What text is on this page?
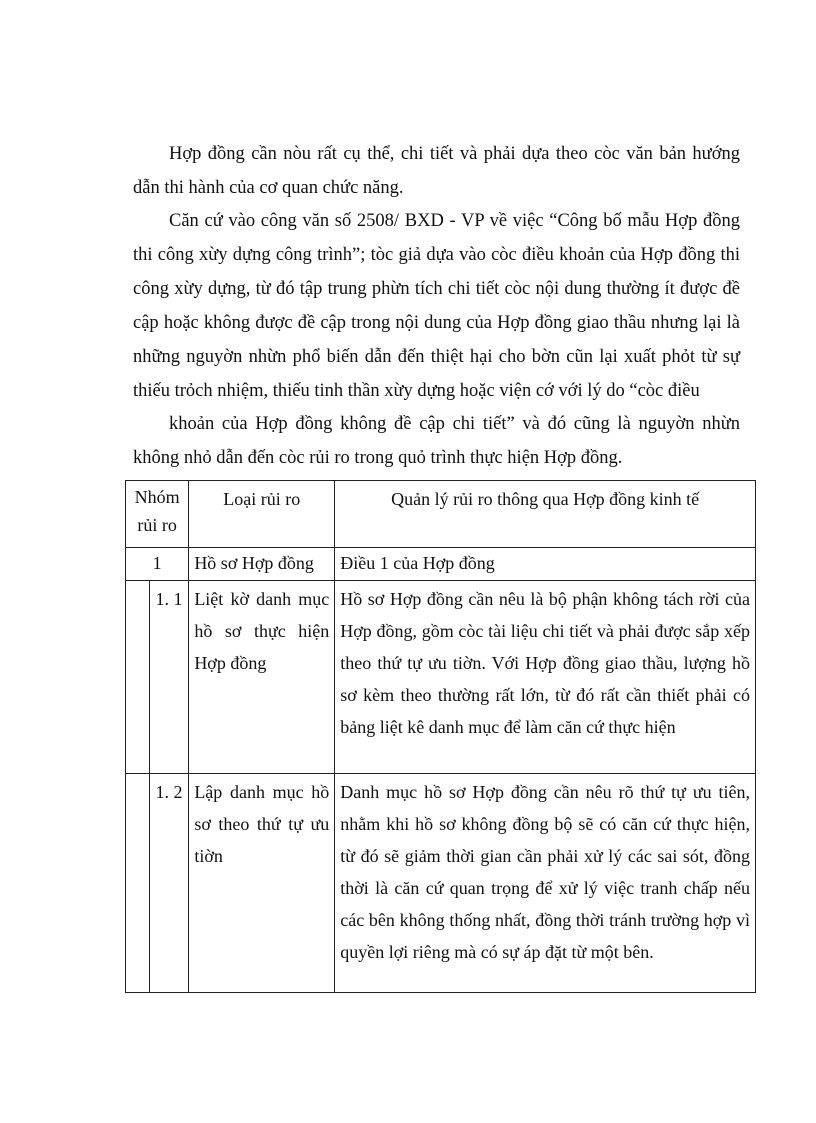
Hợp đồng cần nòu rất cụ thể, chi tiết và phải dựa theo còc văn bản hướng dẫn thi hành của cơ quan chức năng.

Căn cứ vào công văn số 2508/ BXD - VP về việc “Công bố mẫu Hợp đồng thi công xừy dựng công trình”; tòc giả dựa vào còc điều khoản của Hợp đồng thi công xừy dựng, từ đó tập trung phừn tích chi tiết còc nội dung thường ít được đề cập hoặc không được đề cập trong nội dung của Hợp đồng giao thầu nhưng lại là những nguyờn nhừn phổ biến dẫn đến thiệt hại cho bờn cũn lại xuất phỏt từ sự thiếu trỏch nhiệm, thiếu tinh thần xừy dựng hoặc viện cớ với lý do “còc điều

khoản của Hợp đồng không đề cập chi tiết” và đó cũng là nguyờn nhừn không nhỏ dẫn đến còc rủi ro trong quỏ trình thực hiện Hợp đồng.

Nhóm rủi ro		Loại rủi ro	Quản lý rủi ro thông qua Hợp đồng kinh tế
1		Hồ sơ Hợp đồng	Điều 1 của Hợp đồng
	1. 1	Liệt kờ danh mục hồ sơ thực hiện Hợp đồng	Hồ sơ Hợp đồng cần nêu là bộ phận không tách rời của Hợp đồng, gồm còc tài liệu chi tiết và phải được sắp xếp theo thứ tự ưu tiờn. Với Hợp đồng giao thầu, lượng hồ sơ kèm theo thường rất lớn, từ đó rất cần thiết phải có bảng liệt kê danh mục để làm căn cứ thực hiện
	1. 2	Lập danh mục hồ sơ theo thứ tự ưu tiờn	Danh mục hồ sơ Hợp đồng cần nêu rõ thứ tự ưu tiên, nhằm khi hồ sơ không đồng bộ sẽ có căn cứ thực hiện, từ đó sẽ giảm thời gian cần phải xử lý các sai sót, đồng thời là căn cứ quan trọng để xử lý việc tranh chấp nếu các bên không thống nhất, đồng thời tránh trường hợp vì quyền lợi riêng mà có sự áp đặt từ một bên.
